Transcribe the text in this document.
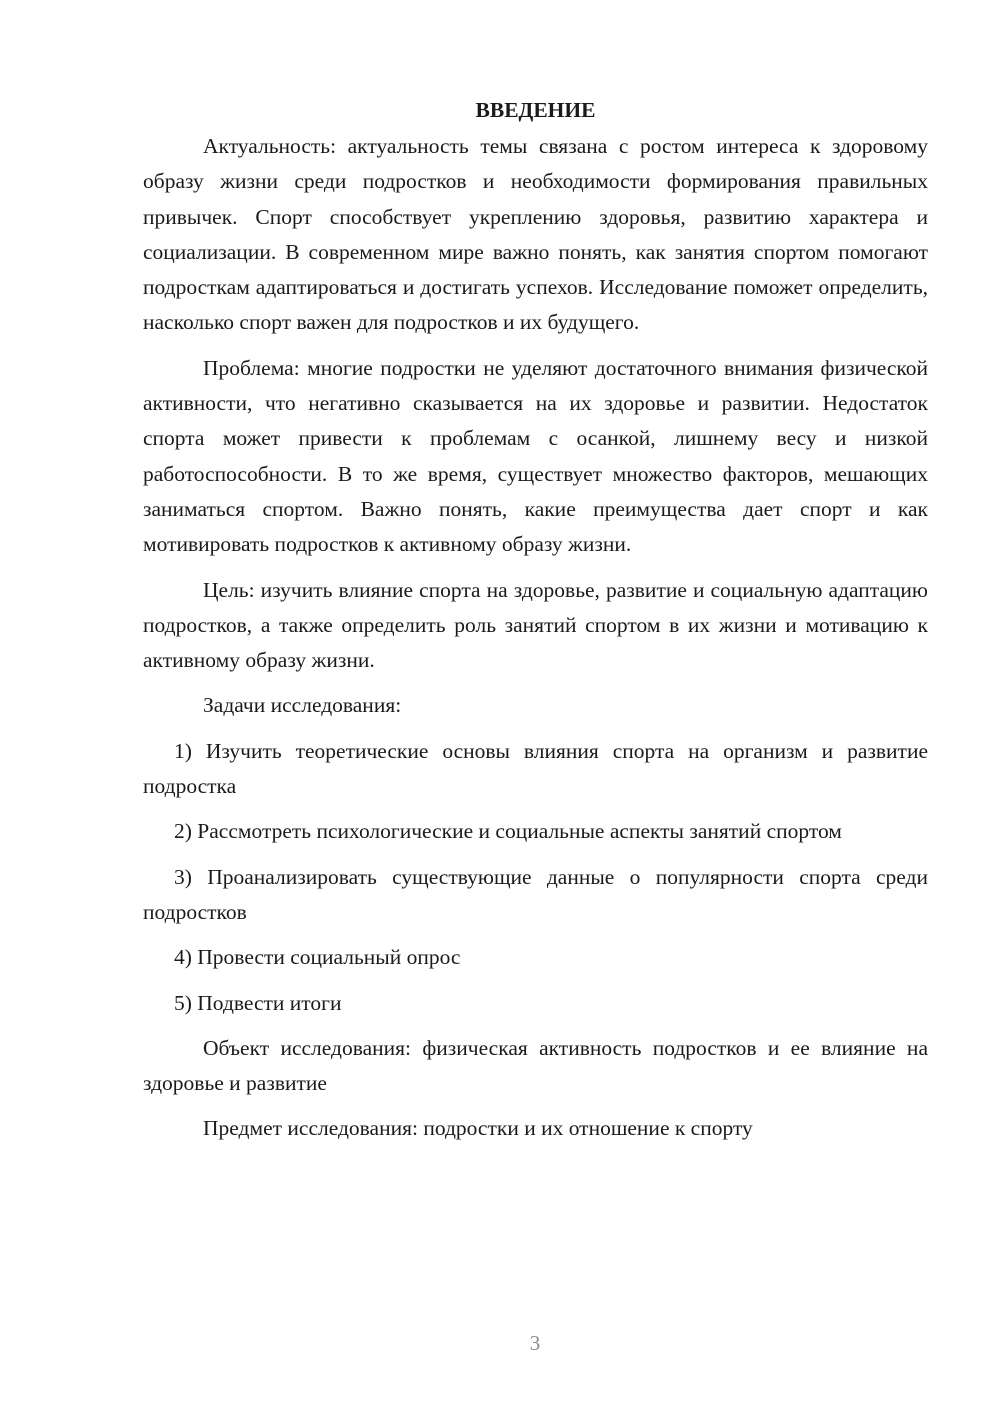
ВВЕДЕНИЕ

Актуальность: актуальность темы связана с ростом интереса к здоровому образу жизни среди подростков и необходимости формирования правильных привычек. Спорт способствует укреплению здоровья, развитию характера и социализации. В современном мире важно понять, как занятия спортом помогают подросткам адаптироваться и достигать успехов. Исследование поможет определить, насколько спорт важен для подростков и их будущего.

Проблема: многие подростки не уделяют достаточного внимания физической активности, что негативно сказывается на их здоровье и развитии. Недостаток спорта может привести к проблемам с осанкой, лишнему весу и низкой работоспособности. В то же время, существует множество факторов, мешающих заниматься спортом. Важно понять, какие преимущества дает спорт и как мотивировать подростков к активному образу жизни.

Цель: изучить влияние спорта на здоровье, развитие и социальную адаптацию подростков, а также определить роль занятий спортом в их жизни и мотивацию к активному образу жизни.

Задачи исследования:

1) Изучить теоретические основы влияния спорта на организм и развитие подростка

2) Рассмотреть психологические и социальные аспекты занятий спортом

3) Проанализировать существующие данные о популярности спорта среди подростков

4) Провести социальный опрос

5) Подвести итоги

Объект исследования: физическая активность подростков и ее влияние на здоровье и развитие

Предмет исследования: подростки и их отношение к спорту

3
